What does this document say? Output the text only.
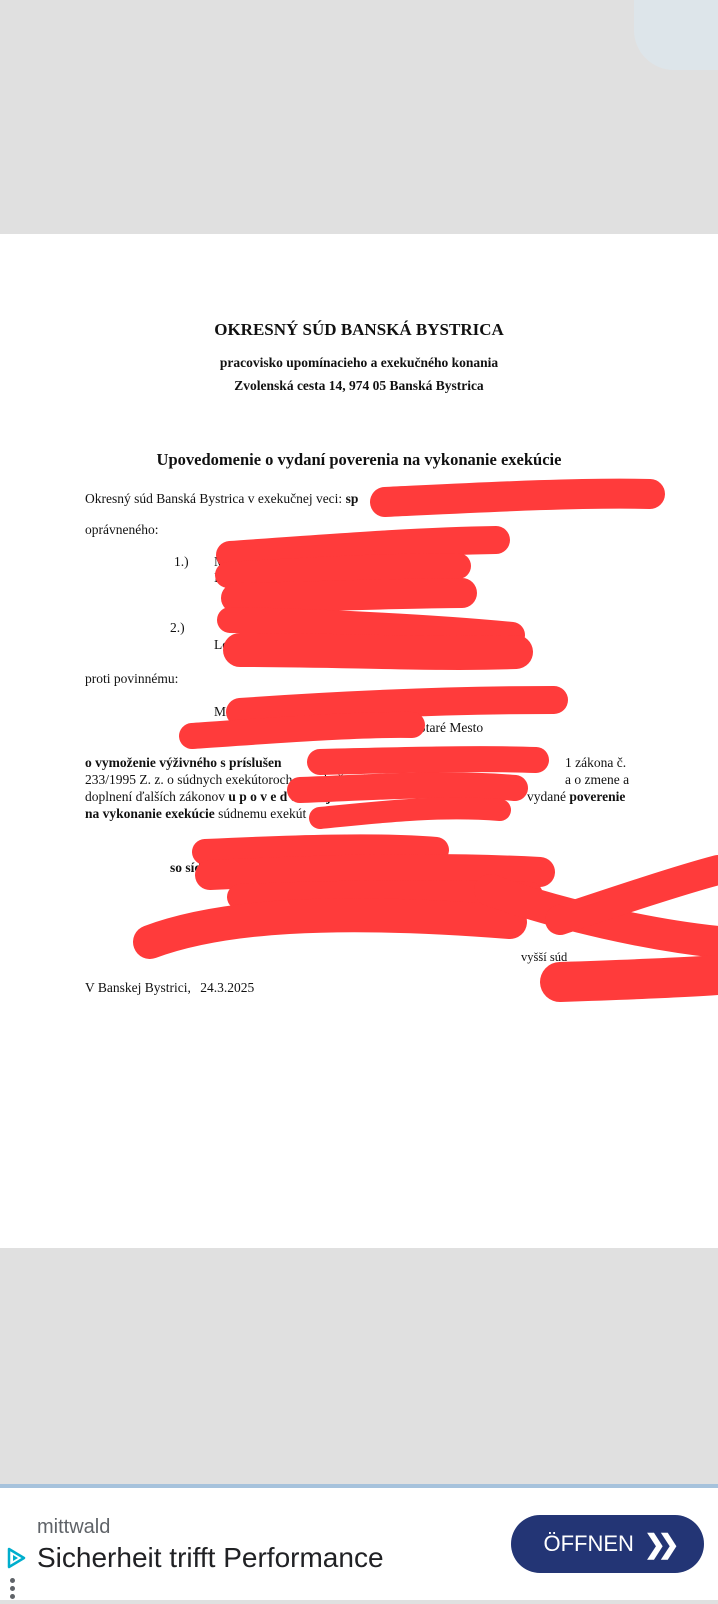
OKRESNÝ SÚD BANSKÁ BYSTRICA
pracovisko upomínacieho a exekučného konania
Zvolenská cesta 14, 974 05 Banská Bystrica
Upovedomenie o vydaní poverenia na vykonanie exekúcie
Okresný súd Banská Bystrica v exekučnej veci: sp
oprávneného:
1.) M
I
2.)
Lo
proti povinnému:
Mich
Sl	slava-Staré Mesto
o vymoženie výživného s príslušen	1 zákona č.
233/1995 Z. z. o súdnych exekútoroch a exekučnej činnos	a o zmene a
doplnení ďalších zákonov u p o v e d o m u j e	vydané poverenie
na vykonanie exekúcie súdnemu exekút
Mgr. Miro
so síd
vyšší súd
V Banskej Bystrici, 24.3.2025
mittwald
Sicherheit trifft Performance	ÖFFNEN ❯❯
